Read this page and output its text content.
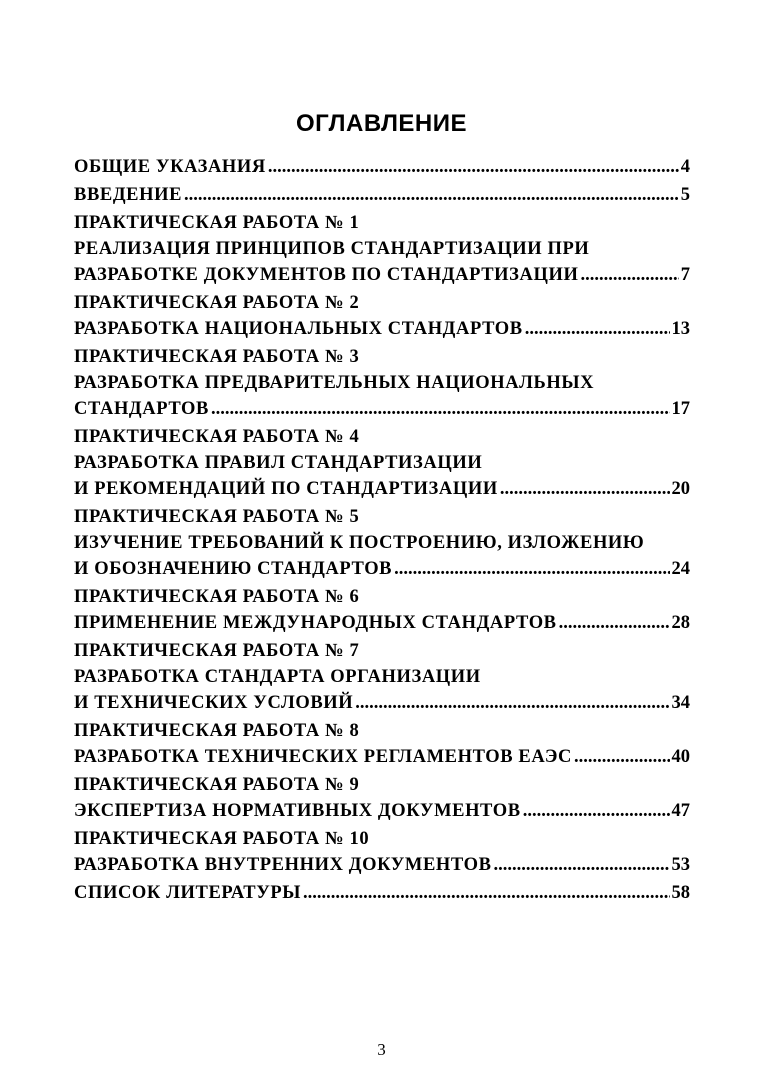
ОГЛАВЛЕНИЕ
ОБЩИЕ УКАЗАНИЯ .....	4
ВВЕДЕНИЕ .....	5
ПРАКТИЧЕСКАЯ РАБОТА № 1
РЕАЛИЗАЦИЯ ПРИНЦИПОВ СТАНДАРТИЗАЦИИ ПРИ
РАЗРАБОТКЕ ДОКУМЕНТОВ ПО СТАНДАРТИЗАЦИИ .....	7
ПРАКТИЧЕСКАЯ РАБОТА № 2
РАЗРАБОТКА НАЦИОНАЛЬНЫХ СТАНДАРТОВ .....	13
ПРАКТИЧЕСКАЯ РАБОТА № 3
РАЗРАБОТКА ПРЕДВАРИТЕЛЬНЫХ НАЦИОНАЛЬНЫХ
СТАНДАРТОВ .....	17
ПРАКТИЧЕСКАЯ РАБОТА № 4
РАЗРАБОТКА ПРАВИЛ СТАНДАРТИЗАЦИИ
И РЕКОМЕНДАЦИЙ ПО СТАНДАРТИЗАЦИИ .....	20
ПРАКТИЧЕСКАЯ РАБОТА № 5
ИЗУЧЕНИЕ ТРЕБОВАНИЙ К ПОСТРОЕНИЮ, ИЗЛОЖЕНИЮ
И ОБОЗНАЧЕНИЮ СТАНДАРТОВ .....	24
ПРАКТИЧЕСКАЯ РАБОТА № 6
ПРИМЕНЕНИЕ МЕЖДУНАРОДНЫХ СТАНДАРТОВ .....	28
ПРАКТИЧЕСКАЯ РАБОТА № 7
РАЗРАБОТКА СТАНДАРТА ОРГАНИЗАЦИИ
И ТЕХНИЧЕСКИХ УСЛОВИЙ .....	34
ПРАКТИЧЕСКАЯ РАБОТА № 8
РАЗРАБОТКА ТЕХНИЧЕСКИХ РЕГЛАМЕНТОВ ЕАЭС .....	40
ПРАКТИЧЕСКАЯ РАБОТА № 9
ЭКСПЕРТИЗА НОРМАТИВНЫХ ДОКУМЕНТОВ .....	47
ПРАКТИЧЕСКАЯ РАБОТА № 10
РАЗРАБОТКА ВНУТРЕННИХ ДОКУМЕНТОВ .....	53
СПИСОК ЛИТЕРАТУРЫ .....	58
3
